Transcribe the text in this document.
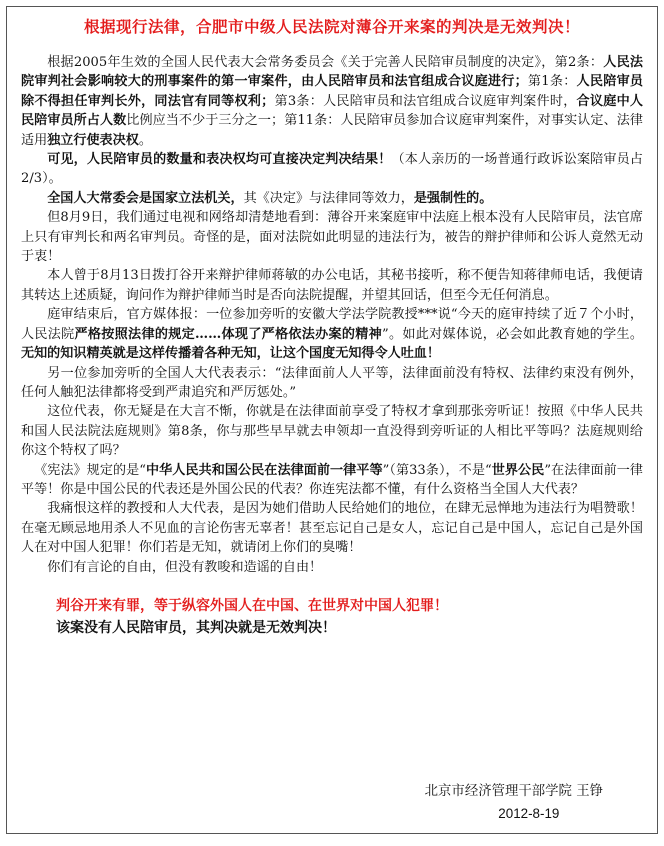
根据现行法律，合肥市中级人民法院对薄谷开来案的判决是无效判决！

根据2005年生效的全国人民代表大会常务委员会《关于完善人民陪审员制度的决定》，第2条：人民法院审判社会影响较大的刑事案件的第一审案件，由人民陪审员和法官组成合议庭进行；第1条：人民陪审员除不得担任审判长外，同法官有同等权利；第3条：人民陪审员和法官组成合议庭审判案件时，合议庭中人民陪审员所占人数比例应当不少于三分之一；第11条：人民陪审员参加合议庭审判案件，对事实认定、法律适用独立行使表决权。

可见，人民陪审员的数量和表决权均可直接决定判决结果！（本人亲历的一场普通行政诉讼案陪审员占2/3）。

全国人大常委会是国家立法机关，其《决定》与法律同等效力，是强制性的。

但8月9日，我们通过电视和网络却清楚地看到：薄谷开来案庭审中法庭上根本没有人民陪审员，法官席上只有审判长和两名审判员。奇怪的是，面对法院如此明显的违法行为，被告的辩护律师和公诉人竟然无动于衷！

本人曾于8月13日拨打谷开来辩护律师蒋敏的办公电话，其秘书接听，称不便告知蒋律师电话，我便请其转达上述质疑，询问作为辩护律师当时是否向法院提醒，并望其回话，但至今无任何消息。

庭审结束后，官方媒体报：一位参加旁听的安徽大学法学院教授***说“今天的庭审持续了近７个小时，人民法院严格按照法律的规定……体现了严格依法办案的精神”。如此对媒体说，必会如此教育她的学生。无知的知识精英就是这样传播着各种无知，让这个国度无知得令人吐血！

另一位参加旁听的全国人大代表表示：“法律面前人人平等，法律面前没有特权、法律约束没有例外，任何人触犯法律都将受到严肃追究和严厉惩处。”

这位代表，你无疑是在大言不惭，你就是在法律面前享受了特权才拿到那张旁听证！按照《中华人民共和国人民法院法庭规则》第8条，你与那些早早就去申领却一直没得到旁听证的人相比平等吗？法庭规则给你这个特权了吗？

《宪法》规定的是“中华人民共和国公民在法律面前一律平等”（第33条），不是“世界公民”在法律面前一律平等！你是中国公民的代表还是外国公民的代表？你连宪法都不懂，有什么资格当全国人大代表？

我痛恨这样的教授和人大代表，是因为她们借助人民给她们的地位，在肆无忌惮地为违法行为唱赞歌！在毫无顾忌地用杀人不见血的言论伤害无辜者！甚至忘记自己是女人，忘记自己是中国人，忘记自己是外国人在对中国人犯罪！你们若是无知，就请闭上你们的臭嘴！

你们有言论的自由，但没有教唆和造谣的自由！

判谷开来有罪，等于纵容外国人在中国、在世界对中国人犯罪！
该案没有人民陪审员，其判决就是无效判决！
北京市经济管理干部学院 王铮
2012-8-19
